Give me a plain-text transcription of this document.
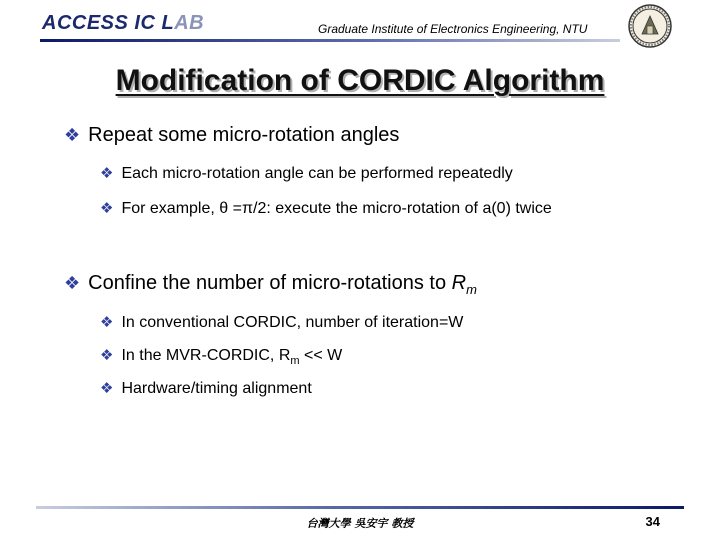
ACCESS IC LAB	Graduate Institute of Electronics Engineering, NTU
Modification of CORDIC Algorithm
❖ Repeat some micro-rotation angles
❖ Each micro-rotation angle can be performed repeatedly
❖ For example, θ =π/2: execute the micro-rotation of a(0) twice
❖ Confine the number of micro-rotations to $R_m$
❖ In conventional CORDIC, number of iteration=W
❖ In the MVR-CORDIC, $R_m << W$
❖ Hardware/timing alignment
台灣大學 吳安宇 教授	34
